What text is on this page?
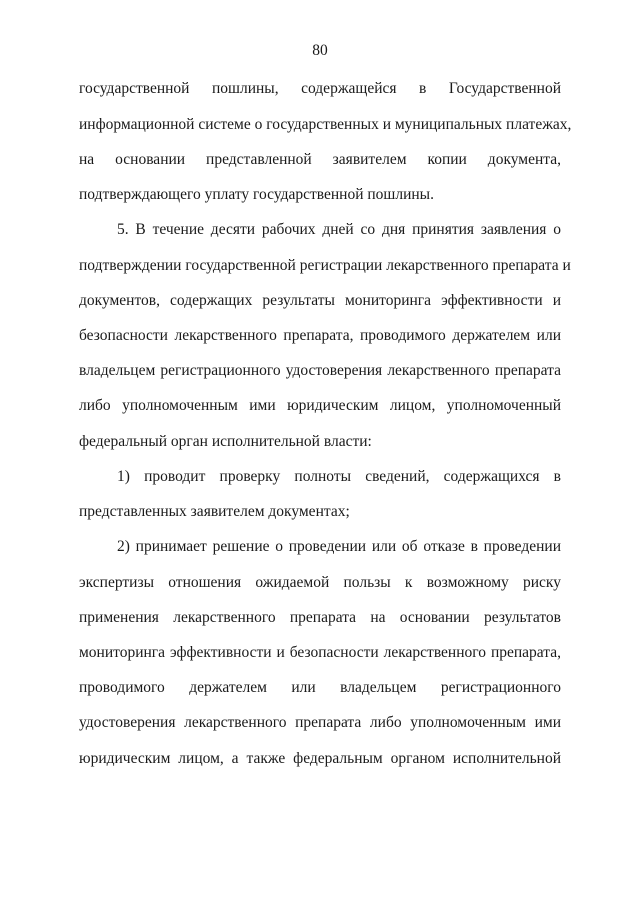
80
государственной пошлины, содержащейся в Государственной
информационной системе о государственных и муниципальных платежах,
на основании представленной заявителем копии документа,
подтверждающего уплату государственной пошлины.
5. В течение десяти рабочих дней со дня принятия заявления о
подтверждении государственной регистрации лекарственного препарата и
документов, содержащих результаты мониторинга эффективности и
безопасности лекарственного препарата, проводимого держателем или
владельцем регистрационного удостоверения лекарственного препарата
либо уполномоченным ими юридическим лицом, уполномоченный
федеральный орган исполнительной власти:
1) проводит проверку полноты сведений, содержащихся в
представленных заявителем документах;
2) принимает решение о проведении или об отказе в проведении
экспертизы отношения ожидаемой пользы к возможному риску
применения лекарственного препарата на основании результатов
мониторинга эффективности и безопасности лекарственного препарата,
проводимого держателем или владельцем регистрационного
удостоверения лекарственного препарата либо уполномоченным ими
юридическим лицом, а также федеральным органом исполнительной
